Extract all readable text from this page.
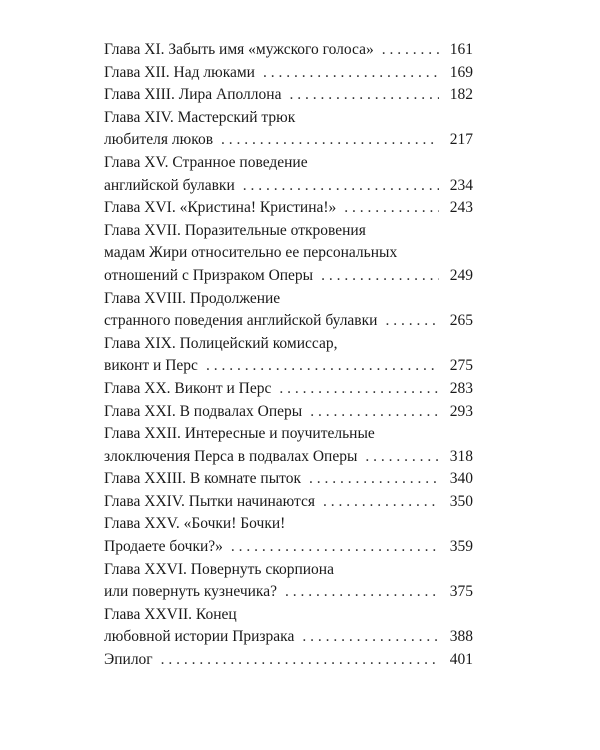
Глава XI. Забыть имя «мужского голоса» . . .	161
Глава XII. Над люками . . .	169
Глава XIII. Лира Аполлона . . .	182
Глава XIV. Мастерский трюк
любителя люков . . .	217
Глава XV. Странное поведение
английской булавки . . .	234
Глава XVI. «Кристина! Кристина!» . . .	243
Глава XVII. Поразительные откровения
мадам Жири относительно ее персональных
отношений с Призраком Оперы . . .	249
Глава XVIII. Продолжение
странного поведения английской булавки . . .	265
Глава XIX. Полицейский комиссар,
виконт и Перс . . .	275
Глава XX. Виконт и Перс . . .	283
Глава XXI. В подвалах Оперы . . .	293
Глава XXII. Интересные и поучительные
злоключения Перса в подвалах Оперы . . .	318
Глава XXIII. В комнате пыток . . .	340
Глава XXIV. Пытки начинаются . . .	350
Глава XXV. «Бочки! Бочки!
Продаете бочки?» . . .	359
Глава XXVI. Повернуть скорпиона
или повернуть кузнечика? . . .	375
Глава XXVII. Конец
любовной истории Призрака . . .	388
Эпилог . . .	401
